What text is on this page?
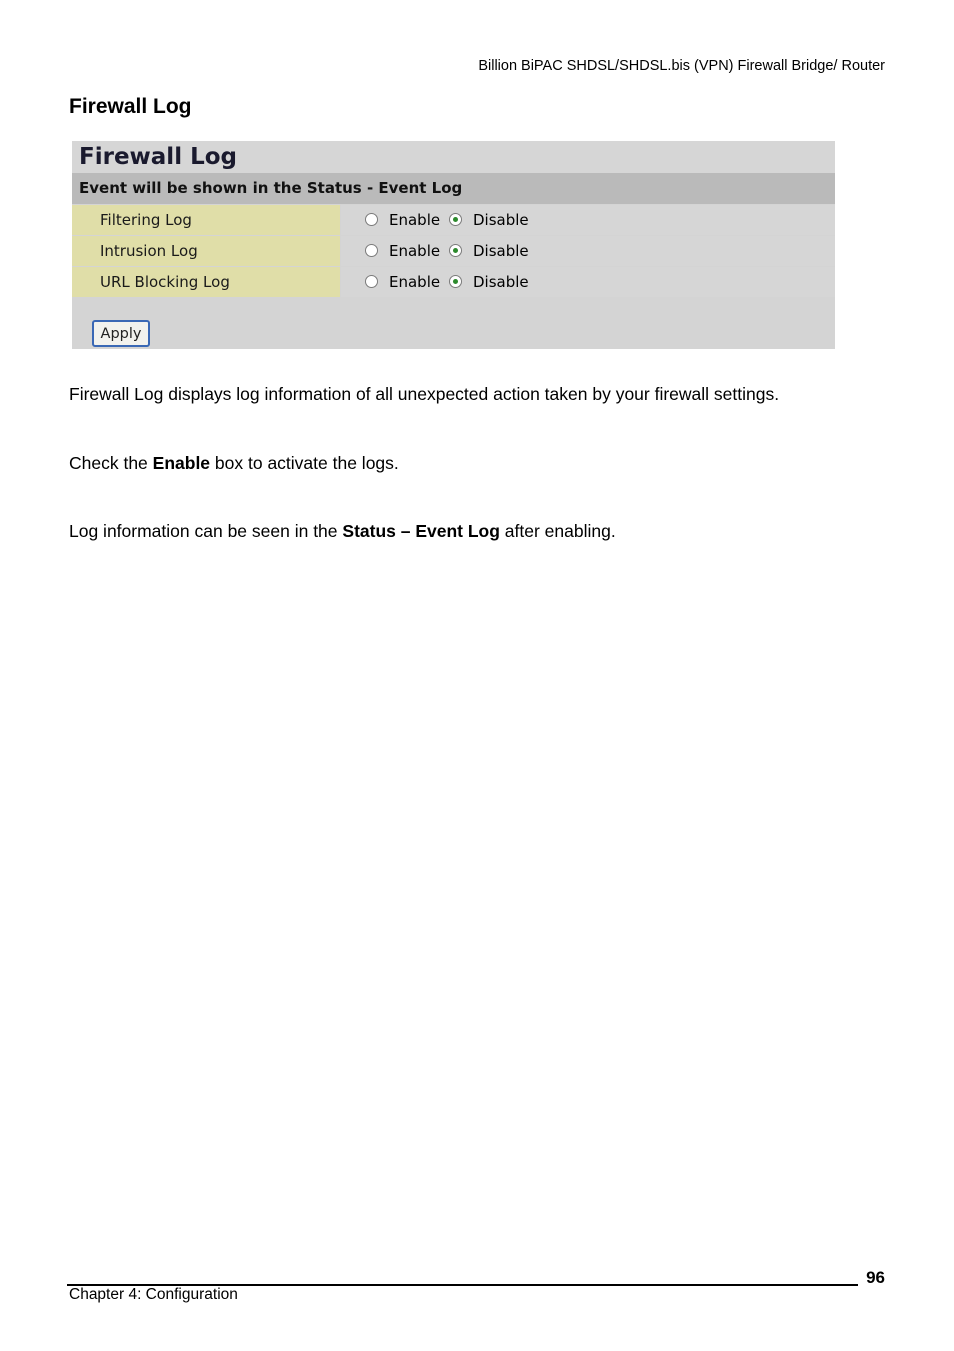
Billion BiPAC SHDSL/SHDSL.bis (VPN) Firewall Bridge/ Router
Firewall Log
Firewall Log
Event will be shown in the Status - Event Log
Filtering Log	Enable Disable
Intrusion Log	Enable Disable
URL Blocking Log	Enable Disable
Apply
Firewall Log displays log information of all unexpected action taken by your firewall settings.
Check the Enable box to activate the logs.
Log information can be seen in the Status – Event Log after enabling.
96
Chapter 4: Configuration
